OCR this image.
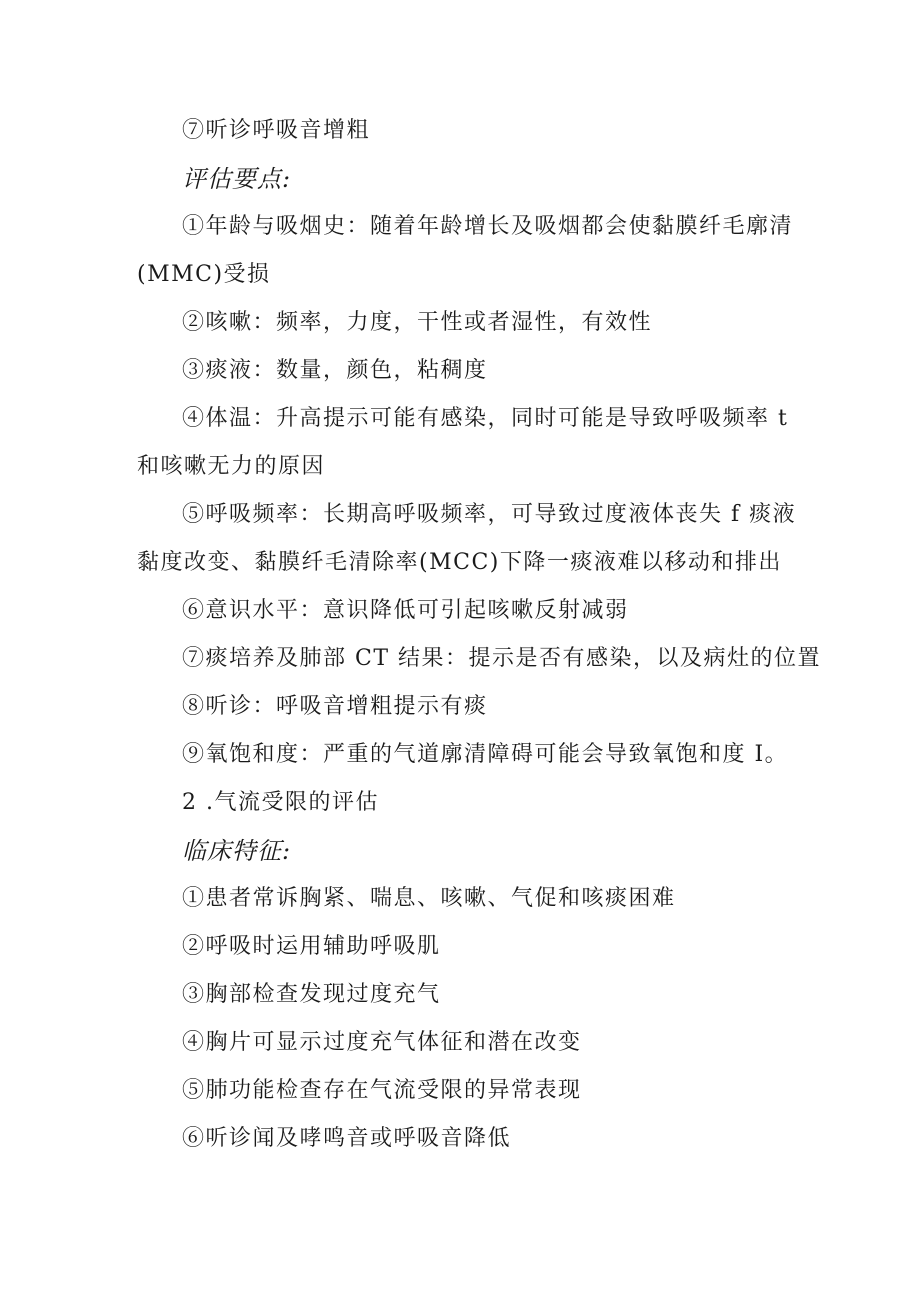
⑦听诊呼吸音增粗
评估要点:
①年龄与吸烟史：随着年龄增长及吸烟都会使黏膜纤毛廓清
(MMC)受损
②咳嗽：频率，力度，干性或者湿性，有效性
③痰液：数量，颜色，粘稠度
④体温：升高提示可能有感染，同时可能是导致呼吸频率 t
和咳嗽无力的原因
⑤呼吸频率：长期高呼吸频率，可导致过度液体丧失 f 痰液
黏度改变、黏膜纤毛清除率(MCC)下降一痰液难以移动和排出
⑥意识水平：意识降低可引起咳嗽反射减弱
⑦痰培养及肺部 CT 结果：提示是否有感染，以及病灶的位置
⑧听诊：呼吸音增粗提示有痰
⑨氧饱和度：严重的气道廓清障碍可能会导致氧饱和度 I。
2 .气流受限的评估
临床特征:
①患者常诉胸紧、喘息、咳嗽、气促和咳痰困难
②呼吸时运用辅助呼吸肌
③胸部检查发现过度充气
④胸片可显示过度充气体征和潜在改变
⑤肺功能检查存在气流受限的异常表现
⑥听诊闻及哮鸣音或呼吸音降低
